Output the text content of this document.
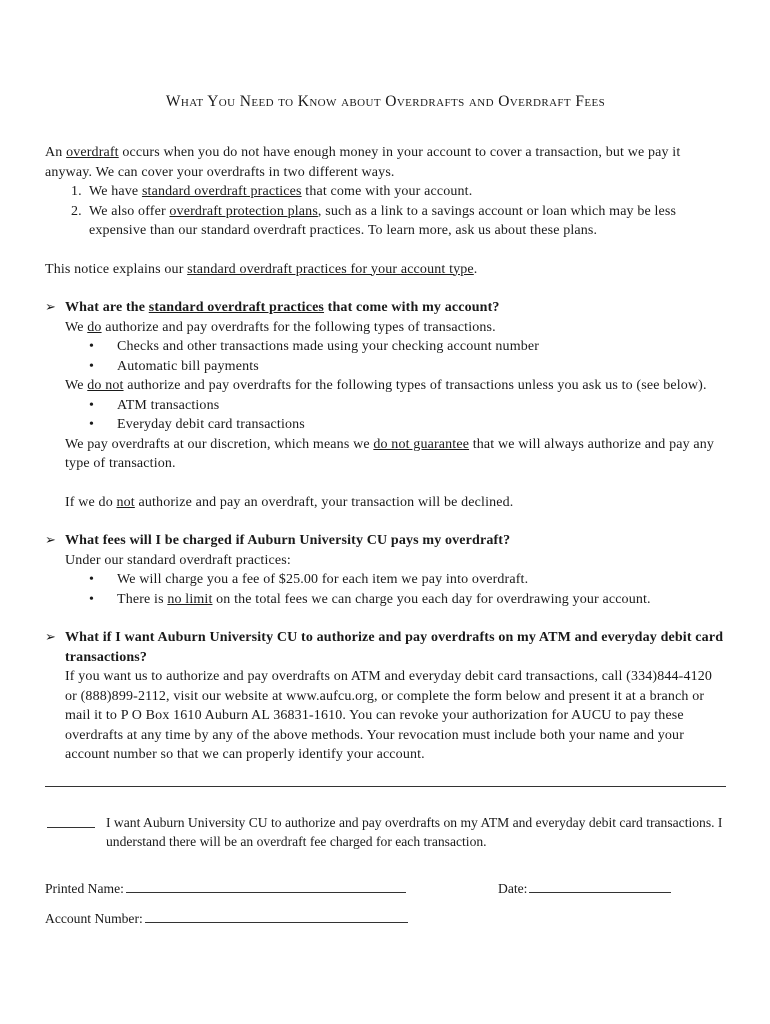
What You Need to Know about Overdrafts and Overdraft Fees

An overdraft occurs when you do not have enough money in your account to cover a transaction, but we pay it anyway. We can cover your overdrafts in two different ways.

1. We have standard overdraft practices that come with your account.
2. We also offer overdraft protection plans, such as a link to a savings account or loan which may be less expensive than our standard overdraft practices. To learn more, ask us about these plans.

This notice explains our standard overdraft practices for your account type.

➢ What are the standard overdraft practices that come with my account?

We do authorize and pay overdrafts for the following types of transactions.

• Checks and other transactions made using your checking account number
• Automatic bill payments

We do not authorize and pay overdrafts for the following types of transactions unless you ask us to (see below).

• ATM transactions
• Everyday debit card transactions

We pay overdrafts at our discretion, which means we do not guarantee that we will always authorize and pay any type of transaction.

If we do not authorize and pay an overdraft, your transaction will be declined.

➢ What fees will I be charged if Auburn University CU pays my overdraft?

Under our standard overdraft practices:

• We will charge you a fee of $25.00 for each item we pay into overdraft.
• There is no limit on the total fees we can charge you each day for overdrawing your account.
➢ What if I want Auburn University CU to authorize and pay overdrafts on my ATM and everyday debit card transactions?

If you want us to authorize and pay overdrafts on ATM and everyday debit card transactions, call (334)844-4120 or (888)899-2112, visit our website at www.aufcu.org, or complete the form below and present it at a branch or mail it to P O Box 1610 Auburn AL 36831-1610. You can revoke your authorization for AUCU to pay these overdrafts at any time by any of the above methods. Your revocation must include both your name and your account number so that we can properly identify your account.

I want Auburn University CU to authorize and pay overdrafts on my ATM and everyday debit card transactions. I understand there will be an overdraft fee charged for each transaction.

Printed Name:	Date:
Account Number:
